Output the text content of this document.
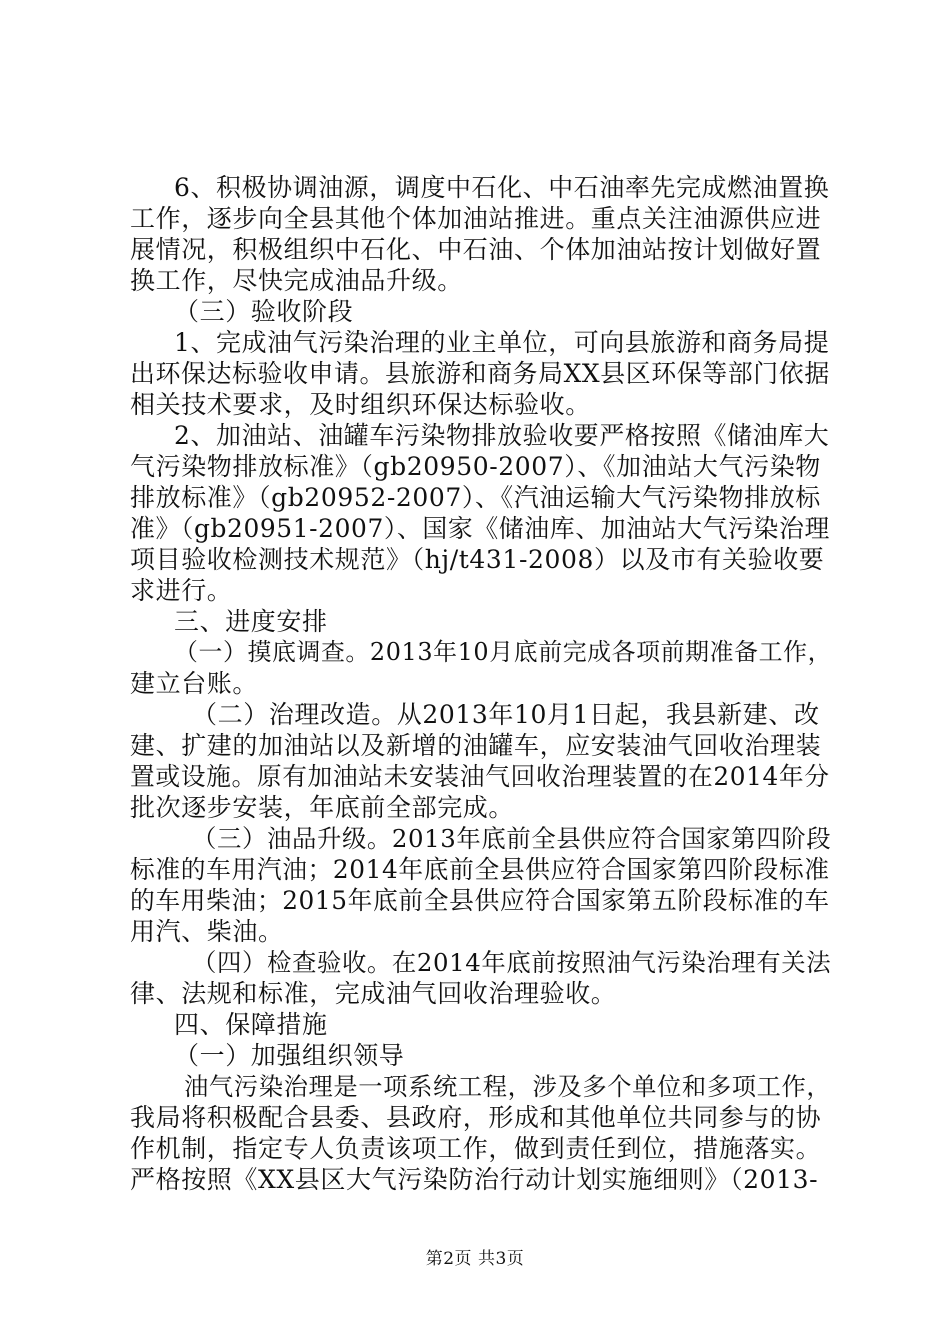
6、积极协调油源，调度中石化、中石油率先完成燃油置换
工作，逐步向全县其他个体加油站推进。重点关注油源供应进
展情况，积极组织中石化、中石油、个体加油站按计划做好置
换工作，尽快完成油品升级。
（三）验收阶段
1、完成油气污染治理的业主单位，可向县旅游和商务局提
出环保达标验收申请。县旅游和商务局XX县区环保等部门依据
相关技术要求，及时组织环保达标验收。
2、加油站、油罐车污染物排放验收要严格按照《储油库大
气污染物排放标准》（gb20950-2007）、《加油站大气污染物
排放标准》（gb20952-2007）、《汽油运输大气污染物排放标
准》（gb20951-2007）、国家《储油库、加油站大气污染治理
项目验收检测技术规范》（hj/t431-2008）以及市有关验收要
求进行。
三、进度安排
（一）摸底调查。2013年10月底前完成各项前期准备工作，
建立台账。
（二）治理改造。从2013年10月1日起，我县新建、改
建、扩建的加油站以及新增的油罐车，应安装油气回收治理装
置或设施。原有加油站未安装油气回收治理装置的在2014年分
批次逐步安装，年底前全部完成。
（三）油品升级。2013年底前全县供应符合国家第四阶段
标准的车用汽油；2014年底前全县供应符合国家第四阶段标准
的车用柴油；2015年底前全县供应符合国家第五阶段标准的车
用汽、柴油。
（四）检查验收。在2014年底前按照油气污染治理有关法
律、法规和标准，完成油气回收治理验收。
四、保障措施
（一）加强组织领导
油气污染治理是一项系统工程，涉及多个单位和多项工作，
我局将积极配合县委、县政府，形成和其他单位共同参与的协
作机制，指定专人负责该项工作，做到责任到位，措施落实。
严格按照《XX县区大气污染防治行动计划实施细则》（2013-
第2页 共3页
